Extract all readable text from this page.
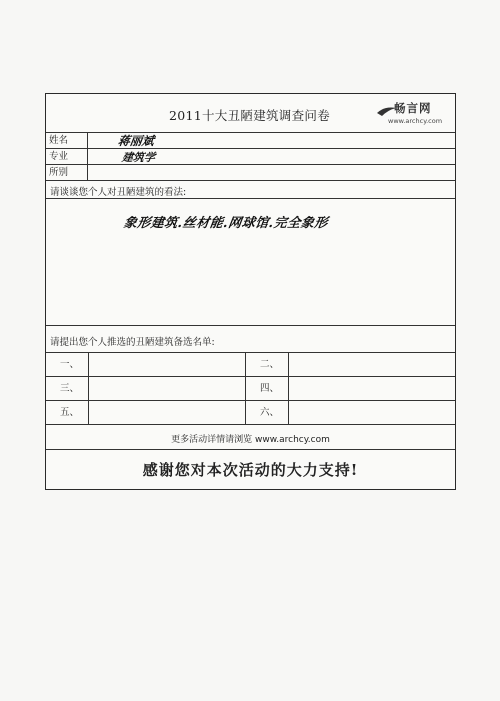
2011十大丑陋建筑调查问卷	畅言网
www.archcy.com
姓名	蒋丽斌
专业	建筑学
所别
请谈谈您个人对丑陋建筑的看法:
象形建筑.丝材能.网球馆.完全象形
请提出您个人推选的丑陋建筑备选名单:
一、	二、
三、	四、
五、	六、
更多活动详情请浏览 www.archcy.com
感谢您对本次活动的大力支持!
